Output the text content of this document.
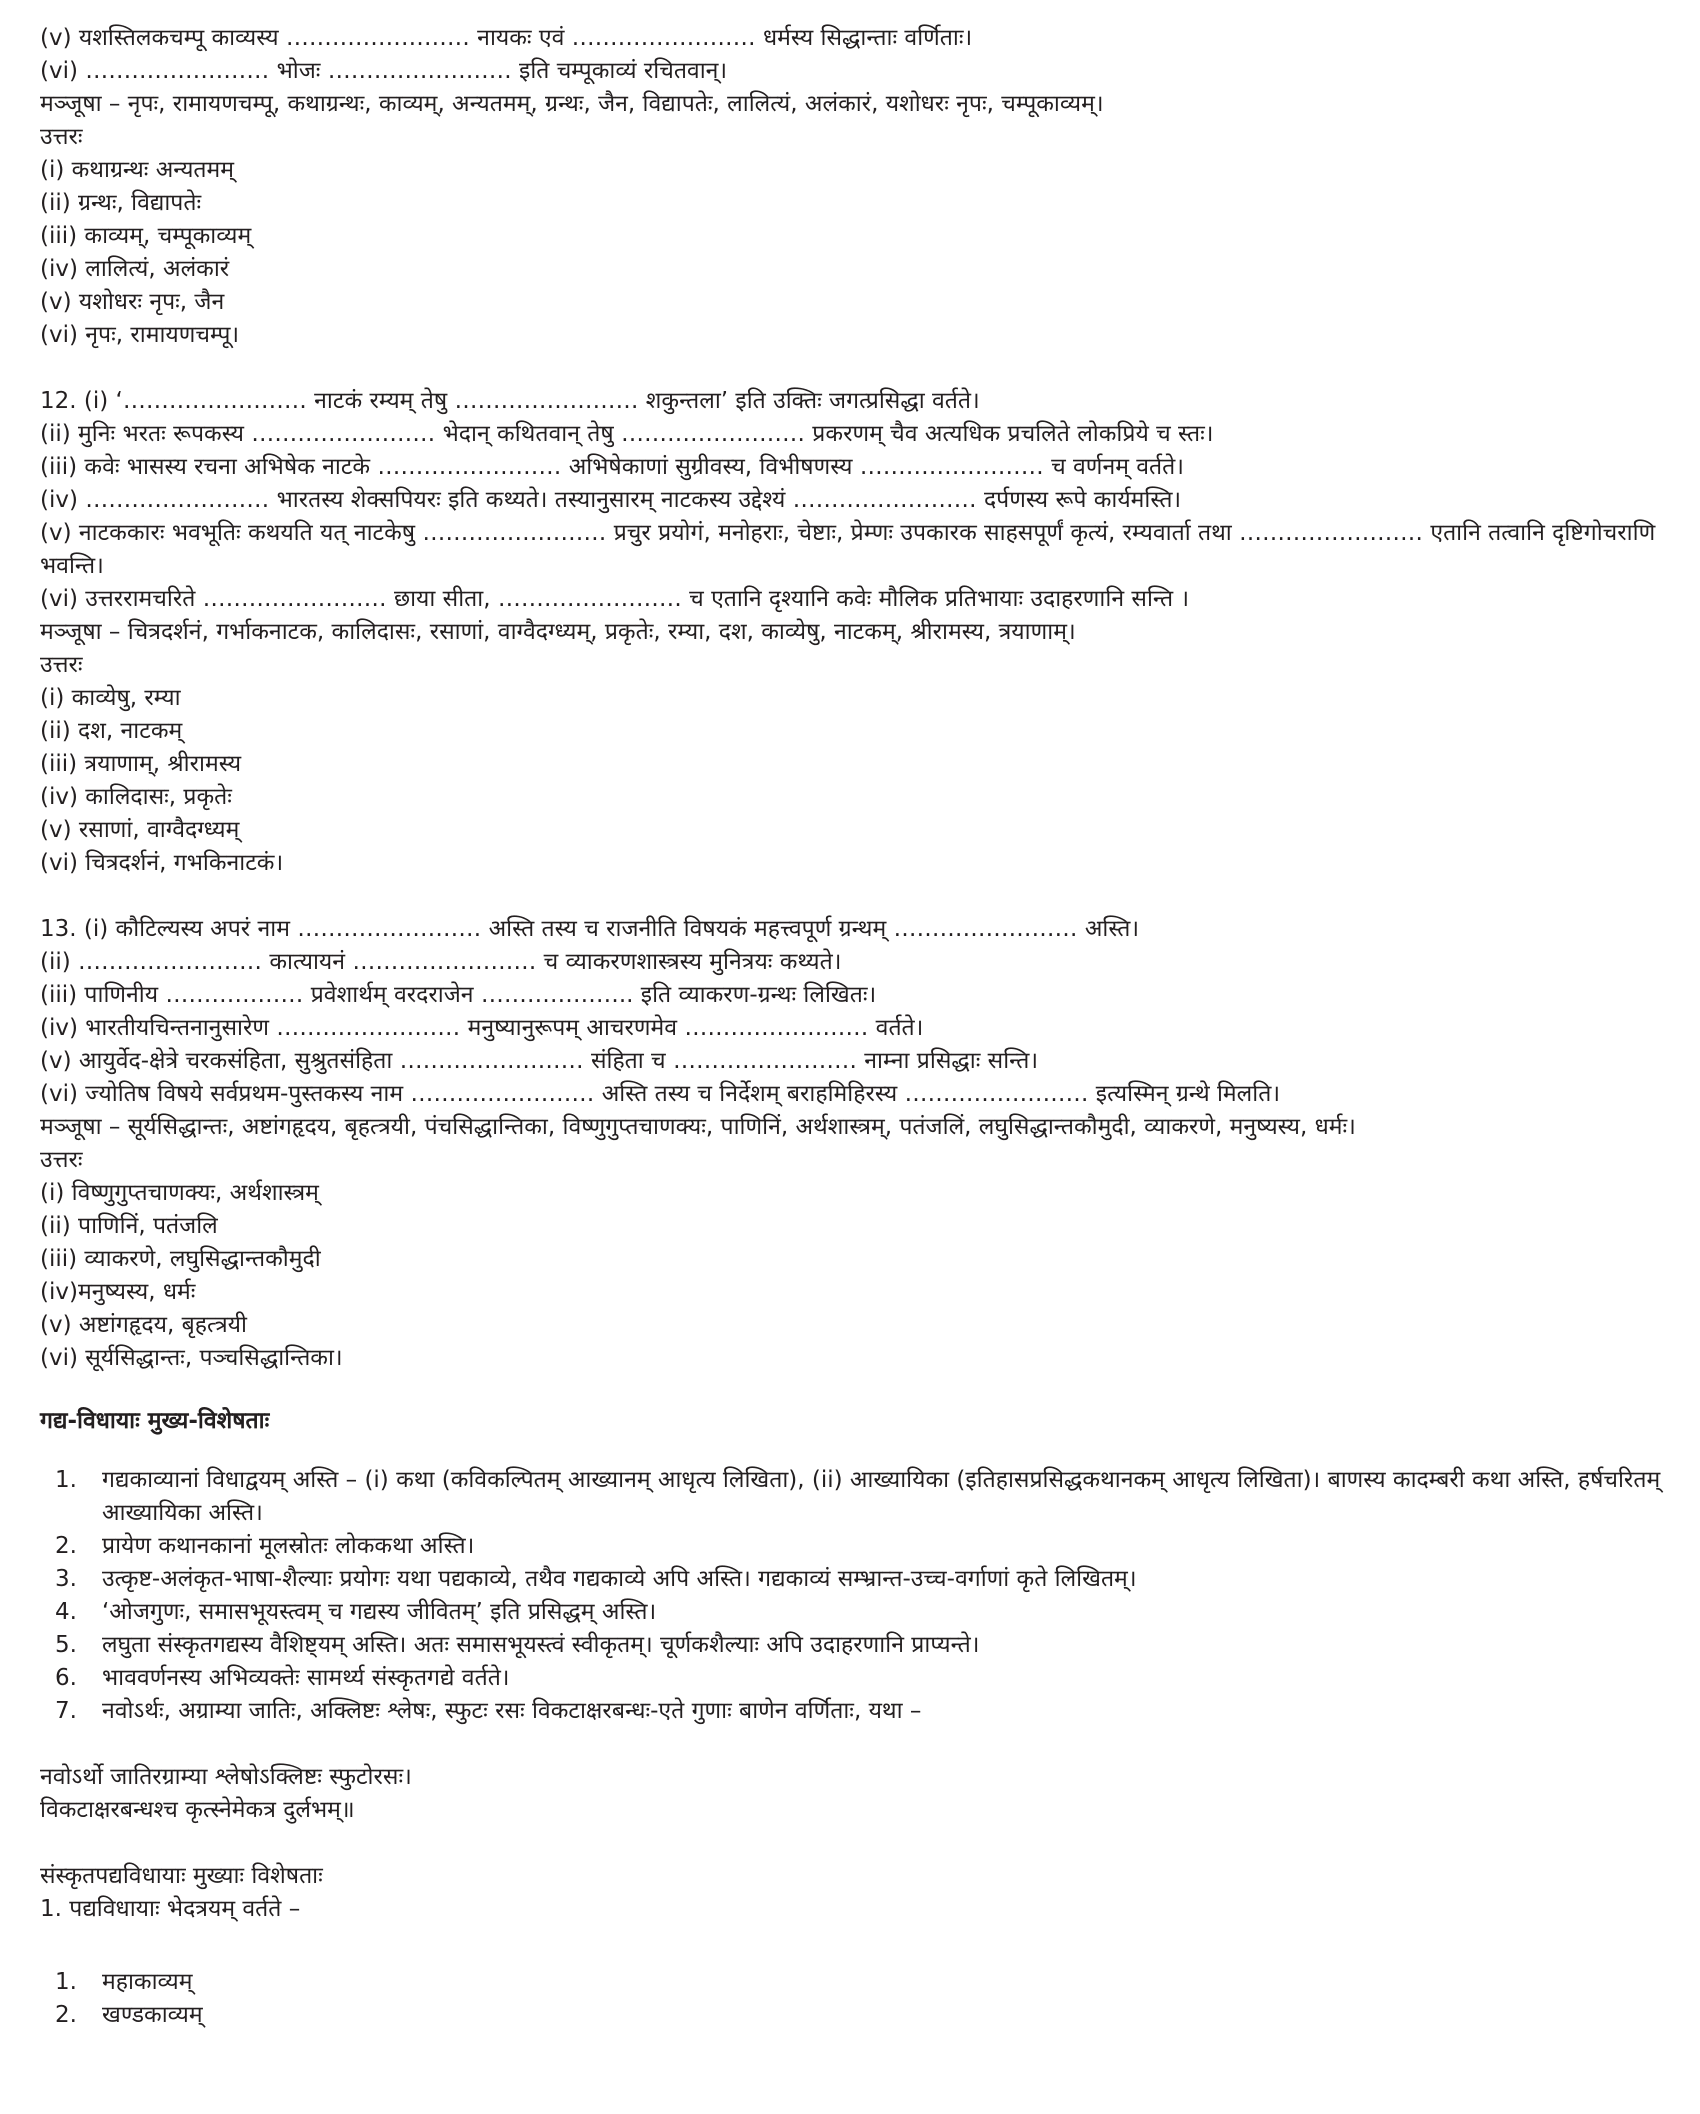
(v) यशस्तिलकचम्पू काव्यस्य …………………… नायकः एवं …………………… धर्मस्य सिद्धान्ताः वर्णिताः।
(vi) …………………… भोजः …………………… इति चम्पूकाव्यं रचितवान्।
मञ्जूषा – नृपः, रामायणचम्पू, कथाग्रन्थः, काव्यम्, अन्यतमम्, ग्रन्थः, जैन, विद्यापतेः, लालित्यं, अलंकारं, यशोधरः नृपः, चम्पूकाव्यम्।
उत्तरः
(i) कथाग्रन्थः अन्यतमम्
(ii) ग्रन्थः, विद्यापतेः
(iii) काव्यम्, चम्पूकाव्यम्
(iv) लालित्यं, अलंकारं
(v) यशोधरः नृपः, जैन
(vi) नृपः, रामायणचम्पू।
12. (i) ‘…………………… नाटकं रम्यम् तेषु …………………… शकुन्तला’ इति उक्तिः जगत्प्रसिद्धा वर्तते।
(ii) मुनिः भरतः रूपकस्य …………………… भेदान् कथितवान् तेषु …………………… प्रकरणम् चैव अत्यधिक प्रचलिते लोकप्रिये च स्तः।
(iii) कवेः भासस्य रचना अभिषेक नाटके …………………… अभिषेकाणां सुग्रीवस्य, विभीषणस्य …………………… च वर्णनम् वर्तते।
(iv) …………………… भारतस्य शेक्सपियरः इति कथ्यते। तस्यानुसारम् नाटकस्य उद्देश्यं …………………… दर्पणस्य रूपे कार्यमस्ति।
(v) नाटककारः भवभूतिः कथयति यत् नाटकेषु …………………… प्रचुर प्रयोगं, मनोहराः, चेष्टाः, प्रेम्णः उपकारक साहसपूर्णं कृत्यं, रम्यवार्ता तथा …………………… एतानि तत्वानि दृष्टिगोचराणि भवन्ति।
(vi) उत्तररामचरिते …………………… छाया सीता, …………………… च एतानि दृश्यानि कवेः मौलिक प्रतिभायाः उदाहरणानि सन्ति ।
मञ्जूषा – चित्रदर्शनं, गर्भाकनाटक, कालिदासः, रसाणां, वाग्वैदग्ध्यम्, प्रकृतेः, रम्या, दश, काव्येषु, नाटकम्, श्रीरामस्य, त्रयाणाम्।
उत्तरः
(i) काव्येषु, रम्या
(ii) दश, नाटकम्
(iii) त्रयाणाम्, श्रीरामस्य
(iv) कालिदासः, प्रकृतेः
(v) रसाणां, वाग्वैदग्ध्यम्
(vi) चित्रदर्शनं, गभकिनाटकं।
13. (i) कौटिल्यस्य अपरं नाम …………………… अस्ति तस्य च राजनीति विषयकं महत्त्वपूर्ण ग्रन्थम् …………………… अस्ति।
(ii) …………………… कात्यायनं …………………… च व्याकरणशास्त्रस्य मुनित्रयः कथ्यते।
(iii) पाणिनीय ……………… प्रवेशार्थम् वरदराजेन ……………….. इति व्याकरण-ग्रन्थः लिखितः।
(iv) भारतीयचिन्तनानुसारेण …………………… मनुष्यानुरूपम् आचरणमेव …………………… वर्तते।
(v) आयुर्वेद-क्षेत्रे चरकसंहिता, सुश्रुतसंहिता …………………… संहिता च …………………… नाम्ना प्रसिद्धाः सन्ति।
(vi) ज्योतिष विषये सर्वप्रथम-पुस्तकस्य नाम …………………… अस्ति तस्य च निर्देशम् बराहमिहिरस्य …………………… इत्यस्मिन् ग्रन्थे मिलति।
मञ्जूषा – सूर्यसिद्धान्तः, अष्टांगहृदय, बृहत्त्रयी, पंचसिद्धान्तिका, विष्णुगुप्तचाणक्यः, पाणिनिं, अर्थशास्त्रम्, पतंजलिं, लघुसिद्धान्तकौमुदी, व्याकरणे, मनुष्यस्य, धर्मः।
उत्तरः
(i) विष्णुगुप्तचाणक्यः, अर्थशास्त्रम्
(ii) पाणिनिं, पतंजलि
(iii) व्याकरणे, लघुसिद्धान्तकौमुदी
(iv)मनुष्यस्य, धर्मः
(v) अष्टांगहृदय, बृहत्त्रयी
(vi) सूर्यसिद्धान्तः, पञ्चसिद्धान्तिका।
गद्य-विधायाः मुख्य-विशेषताः
1.	गद्यकाव्यानां विधाद्वयम् अस्ति – (i) कथा (कविकल्पितम् आख्यानम् आधृत्य लिखिता), (ii) आख्यायिका (इतिहासप्रसिद्धकथानकम् आधृत्य लिखिता)। बाणस्य कादम्बरी कथा अस्ति, हर्षचरितम् आख्यायिका अस्ति।
2.	प्रायेण कथानकानां मूलस्रोतः लोककथा अस्ति।
3.	उत्कृष्ट-अलंकृत-भाषा-शैल्याः प्रयोगः यथा पद्यकाव्ये, तथैव गद्यकाव्ये अपि अस्ति। गद्यकाव्यं सम्भ्रान्त-उच्च-वर्गाणां कृते लिखितम्।
4.	‘ओजगुणः, समासभूयस्त्वम् च गद्यस्य जीवितम्’ इति प्रसिद्धम् अस्ति।
5.	लघुता संस्कृतगद्यस्य वैशिष्ट्यम् अस्ति। अतः समासभूयस्त्वं स्वीकृतम्। चूर्णकशैल्याः अपि उदाहरणानि प्राप्यन्ते।
6.	भाववर्णनस्य अभिव्यक्तेः सामर्थ्य संस्कृतगद्ये वर्तते।
7.	नवोऽर्थः, अग्राम्या जातिः, अक्लिष्टः श्लेषः, स्फुटः रसः विकटाक्षरबन्धः-एते गुणाः बाणेन वर्णिताः, यथा –
नवोऽर्थो जातिरग्राम्या श्लेषोऽक्लिष्टः स्फुटोरसः।
विकटाक्षरबन्धश्च कृत्स्नेमेकत्र दुर्लभम्॥
संस्कृतपद्यविधायाः मुख्याः विशेषताः
1. पद्यविधायाः भेदत्रयम् वर्तते –
1.	महाकाव्यम्
2.	खण्डकाव्यम्
